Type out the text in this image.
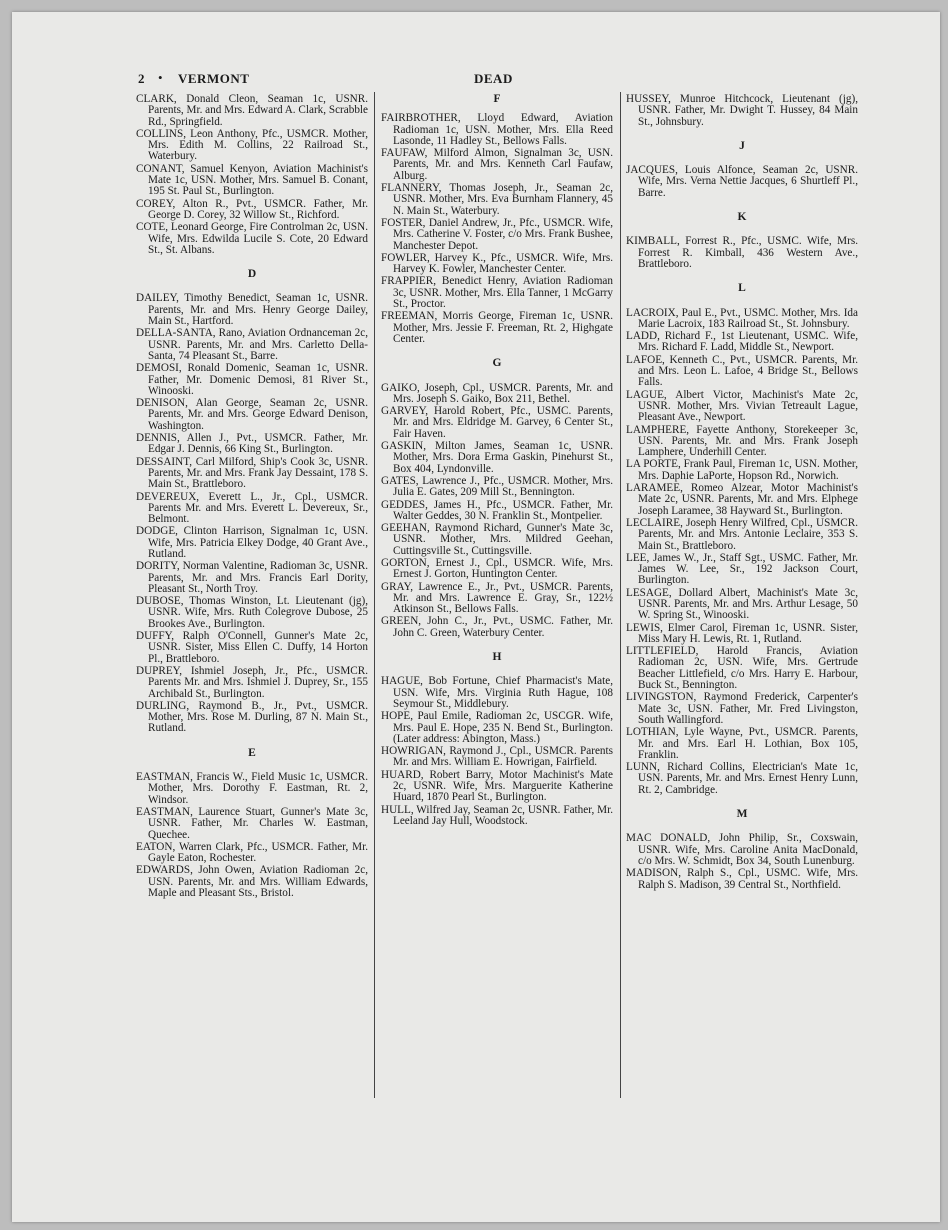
2 • VERMONT	DEAD
CLARK, Donald Cleon, Seaman 1c, USNR. Parents, Mr. and Mrs. Edward A. Clark, Scrabble Rd., Springfield.
COLLINS, Leon Anthony, Pfc., USMCR. Mother, Mrs. Edith M. Collins, 22 Railroad St., Waterbury.
CONANT, Samuel Kenyon, Aviation Machinist's Mate 1c, USN. Mother, Mrs. Samuel B. Conant, 195 St. Paul St., Burlington.
COREY, Alton R., Pvt., USMCR. Father, Mr. George D. Corey, 32 Willow St., Richford.
COTE, Leonard George, Fire Controlman 2c, USN. Wife, Mrs. Edwilda Lucile S. Cote, 20 Edward St., St. Albans.
D
DAILEY, Timothy Benedict, Seaman 1c, USNR. Parents, Mr. and Mrs. Henry George Dailey, Main St., Hartford.
DELLA-SANTA, Rano, Aviation Ordnanceman 2c, USNR. Parents, Mr. and Mrs. Carletto Della-Santa, 74 Pleasant St., Barre.
DEMOSI, Ronald Domenic, Seaman 1c, USNR. Father, Mr. Domenic Demosi, 81 River St., Winooski.
DENISON, Alan George, Seaman 2c, USNR. Parents, Mr. and Mrs. George Edward Denison, Washington.
DENNIS, Allen J., Pvt., USMCR. Father, Mr. Edgar J. Dennis, 66 King St., Burlington.
DESSAINT, Carl Milford, Ship's Cook 3c, USNR. Parents, Mr. and Mrs. Frank Jay Dessaint, 178 S. Main St., Brattleboro.
DEVEREUX, Everett L., Jr., Cpl., USMCR. Parents Mr. and Mrs. Everett L. Devereux, Sr., Belmont.
DODGE, Clinton Harrison, Signalman 1c, USN. Wife, Mrs. Patricia Elkey Dodge, 40 Grant Ave., Rutland.
DORITY, Norman Valentine, Radioman 3c, USNR. Parents, Mr. and Mrs. Francis Earl Dority, Pleasant St., North Troy.
DUBOSE, Thomas Winston, Lt. Lieutenant (jg), USNR. Wife, Mrs. Ruth Colegrove Dubose, 25 Brookes Ave., Burlington.
DUFFY, Ralph O'Connell, Gunner's Mate 2c, USNR. Sister, Miss Ellen C. Duffy, 14 Horton Pl., Brattleboro.
DUPREY, Ishmiel Joseph, Jr., Pfc., USMCR. Parents Mr. and Mrs. Ishmiel J. Duprey, Sr., 155 Archibald St., Burlington.
DURLING, Raymond B., Jr., Pvt., USMCR. Mother, Mrs. Rose M. Durling, 87 N. Main St., Rutland.
E
EASTMAN, Francis W., Field Music 1c, USMCR. Mother, Mrs. Dorothy F. Eastman, Rt. 2, Windsor.
EASTMAN, Laurence Stuart, Gunner's Mate 3c, USNR. Father, Mr. Charles W. Eastman, Quechee.
EATON, Warren Clark, Pfc., USMCR. Father, Mr. Gayle Eaton, Rochester.
EDWARDS, John Owen, Aviation Radioman 2c, USN. Parents, Mr. and Mrs. William Edwards, Maple and Pleasant Sts., Bristol.
F
FAIRBROTHER, Lloyd Edward, Aviation Radioman 1c, USN. Mother, Mrs. Ella Reed Lasonde, 11 Hadley St., Bellows Falls.
FAUFAW, Milford Almon, Signalman 3c, USN. Parents, Mr. and Mrs. Kenneth Carl Faufaw, Alburg.
FLANNERY, Thomas Joseph, Jr., Seaman 2c, USNR. Mother, Mrs. Eva Burnham Flannery, 45 N. Main St., Waterbury.
FOSTER, Daniel Andrew, Jr., Pfc., USMCR. Wife, Mrs. Catherine V. Foster, c/o Mrs. Frank Bushee, Manchester Depot.
FOWLER, Harvey K., Pfc., USMCR. Wife, Mrs. Harvey K. Fowler, Manchester Center.
FRAPPIER, Benedict Henry, Aviation Radioman 3c, USNR. Mother, Mrs. Ella Tanner, 1 McGarry St., Proctor.
FREEMAN, Morris George, Fireman 1c, USNR. Mother, Mrs. Jessie F. Freeman, Rt. 2, Highgate Center.
G
GAIKO, Joseph, Cpl., USMCR. Parents, Mr. and Mrs. Joseph S. Gaiko, Box 211, Bethel.
GARVEY, Harold Robert, Pfc., USMC. Parents, Mr. and Mrs. Eldridge M. Garvey, 6 Center St., Fair Haven.
GASKIN, Milton James, Seaman 1c, USNR. Mother, Mrs. Dora Erma Gaskin, Pinehurst St., Box 404, Lyndonville.
GATES, Lawrence J., Pfc., USMCR. Mother, Mrs. Julia E. Gates, 209 Mill St., Bennington.
GEDDES, James H., Pfc., USMCR. Father, Mr. Walter Geddes, 30 N. Franklin St., Montpelier.
GEEHAN, Raymond Richard, Gunner's Mate 3c, USNR. Mother, Mrs. Mildred Geehan, Cuttingsville St., Cuttingsville.
GORTON, Ernest J., Cpl., USMCR. Wife, Mrs. Ernest J. Gorton, Huntington Center.
GRAY, Lawrence E., Jr., Pvt., USMCR. Parents, Mr. and Mrs. Lawrence E. Gray, Sr., 122½ Atkinson St., Bellows Falls.
GREEN, John C., Jr., Pvt., USMC. Father, Mr. John C. Green, Waterbury Center.
H
HAGUE, Bob Fortune, Chief Pharmacist's Mate, USN. Wife, Mrs. Virginia Ruth Hague, 108 Seymour St., Middlebury.
HOPE, Paul Emile, Radioman 2c, USCGR. Wife, Mrs. Paul E. Hope, 235 N. Bend St., Burlington. (Later address: Abington, Mass.)
HOWRIGAN, Raymond J., Cpl., USMCR. Parents Mr. and Mrs. William E. Howrigan, Fairfield.
HUARD, Robert Barry, Motor Machinist's Mate 2c, USNR. Wife, Mrs. Marguerite Katherine Huard, 1870 Pearl St., Burlington.
HULL, Wilfred Jay, Seaman 2c, USNR. Father, Mr. Leeland Jay Hull, Woodstock.
HUSSEY, Munroe Hitchcock, Lieutenant (jg), USNR. Father, Mr. Dwight T. Hussey, 84 Main St., Johnsbury.
J
JACQUES, Louis Alfonce, Seaman 2c, USNR. Wife, Mrs. Verna Nettie Jacques, 6 Shurtleff Pl., Barre.
K
KIMBALL, Forrest R., Pfc., USMC. Wife, Mrs. Forrest R. Kimball, 436 Western Ave., Brattleboro.
L
LACROIX, Paul E., Pvt., USMC. Mother, Mrs. Ida Marie Lacroix, 183 Railroad St., St. Johnsbury.
LADD, Richard F., 1st Lieutenant, USMC. Wife, Mrs. Richard F. Ladd, Middle St., Newport.
LAFOE, Kenneth C., Pvt., USMCR. Parents, Mr. and Mrs. Leon L. Lafoe, 4 Bridge St., Bellows Falls.
LAGUE, Albert Victor, Machinist's Mate 2c, USNR. Mother, Mrs. Vivian Tetreault Lague, Pleasant Ave., Newport.
LAMPHERE, Fayette Anthony, Storekeeper 3c, USN. Parents, Mr. and Mrs. Frank Joseph Lamphere, Underhill Center.
LA PORTE, Frank Paul, Fireman 1c, USN. Mother, Mrs. Daphie LaPorte, Hopson Rd., Norwich.
LARAMEE, Romeo Alzear, Motor Machinist's Mate 2c, USNR. Parents, Mr. and Mrs. Elphege Joseph Laramee, 38 Hayward St., Burlington.
LECLAIRE, Joseph Henry Wilfred, Cpl., USMCR. Parents, Mr. and Mrs. Antonie Leclaire, 353 S. Main St., Brattleboro.
LEE, James W., Jr., Staff Sgt., USMC. Father, Mr. James W. Lee, Sr., 192 Jackson Court, Burlington.
LESAGE, Dollard Albert, Machinist's Mate 3c, USNR. Parents, Mr. and Mrs. Arthur Lesage, 50 W. Spring St., Winooski.
LEWIS, Elmer Carol, Fireman 1c, USNR. Sister, Miss Mary H. Lewis, Rt. 1, Rutland.
LITTLEFIELD, Harold Francis, Aviation Radioman 2c, USN. Wife, Mrs. Gertrude Beacher Littlefield, c/o Mrs. Harry E. Harbour, Buck St., Bennington.
LIVINGSTON, Raymond Frederick, Carpenter's Mate 3c, USN. Father, Mr. Fred Livingston, South Wallingford.
LOTHIAN, Lyle Wayne, Pvt., USMCR. Parents, Mr. and Mrs. Earl H. Lothian, Box 105, Franklin.
LUNN, Richard Collins, Electrician's Mate 1c, USN. Parents, Mr. and Mrs. Ernest Henry Lunn, Rt. 2, Cambridge.
M
MAC DONALD, John Philip, Sr., Coxswain, USNR. Wife, Mrs. Caroline Anita MacDonald, c/o Mrs. W. Schmidt, Box 34, South Lunenburg.
MADISON, Ralph S., Cpl., USMC. Wife, Mrs. Ralph S. Madison, 39 Central St., Northfield.
